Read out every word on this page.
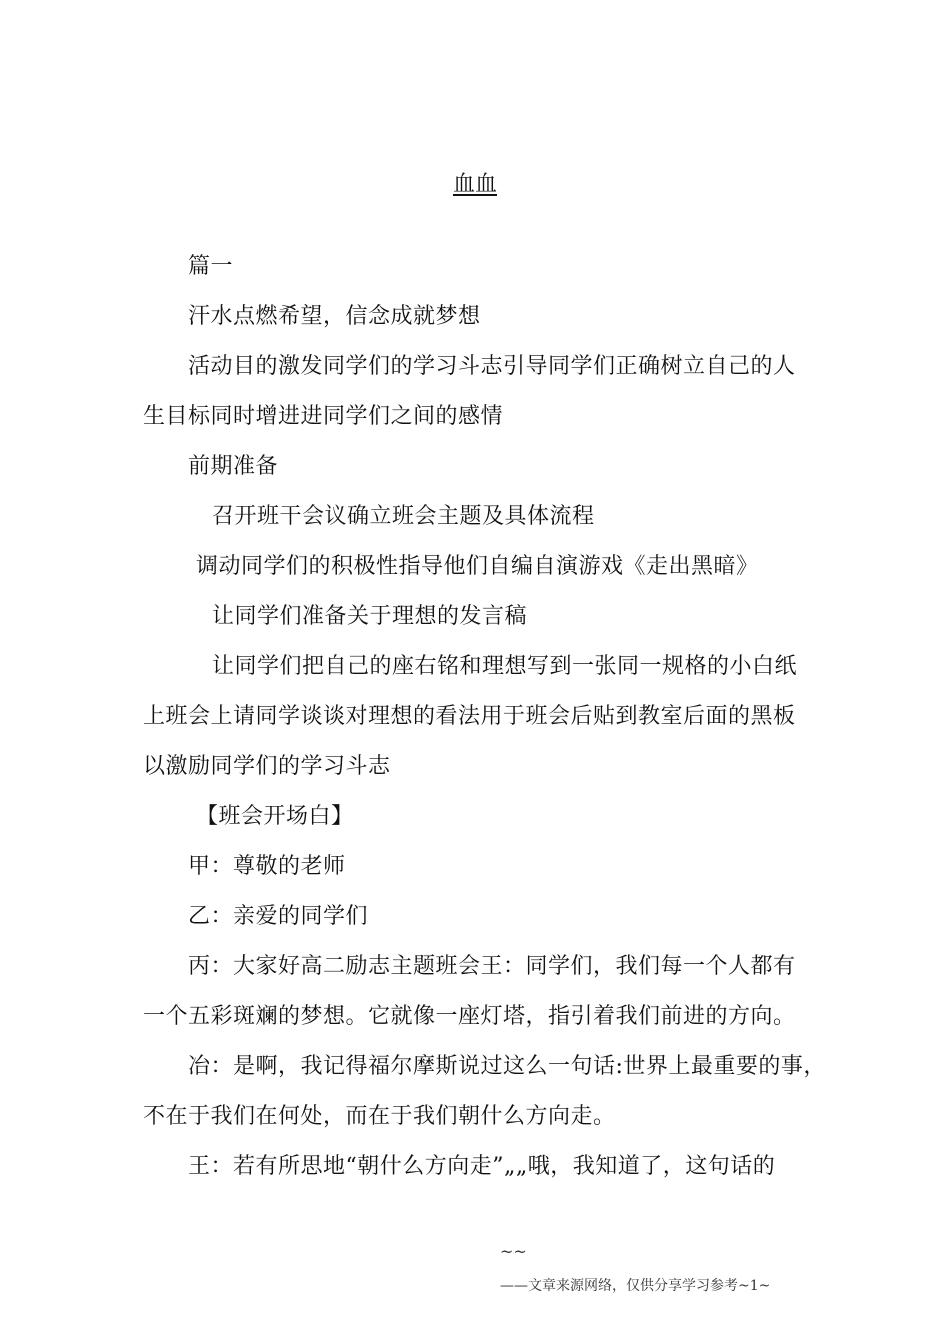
血血
篇一
汗水点燃希望，信念成就梦想
活动目的激发同学们的学习斗志引导同学们正确树立自己的人
生目标同时增进进同学们之间的感情
前期准备
召开班干会议确立班会主题及具体流程
调动同学们的积极性指导他们自编自演游戏《走出黑暗》
让同学们准备关于理想的发言稿
让同学们把自己的座右铭和理想写到一张同一规格的小白纸
上班会上请同学谈谈对理想的看法用于班会后贴到教室后面的黑板
以激励同学们的学习斗志
【班会开场白】
甲：尊敬的老师
乙：亲爱的同学们
丙：大家好高二励志主题班会王：同学们，我们每一个人都有
一个五彩斑斓的梦想。它就像一座灯塔，指引着我们前进的方向。
冶：是啊，我记得福尔摩斯说过这么一句话:世界上最重要的事，
不在于我们在何处，而在于我们朝什么方向走。
王：若有所思地“朝什么方向走”„„哦，我知道了，这句话的
~~
——文章来源网络，仅供分享学习参考~1~
